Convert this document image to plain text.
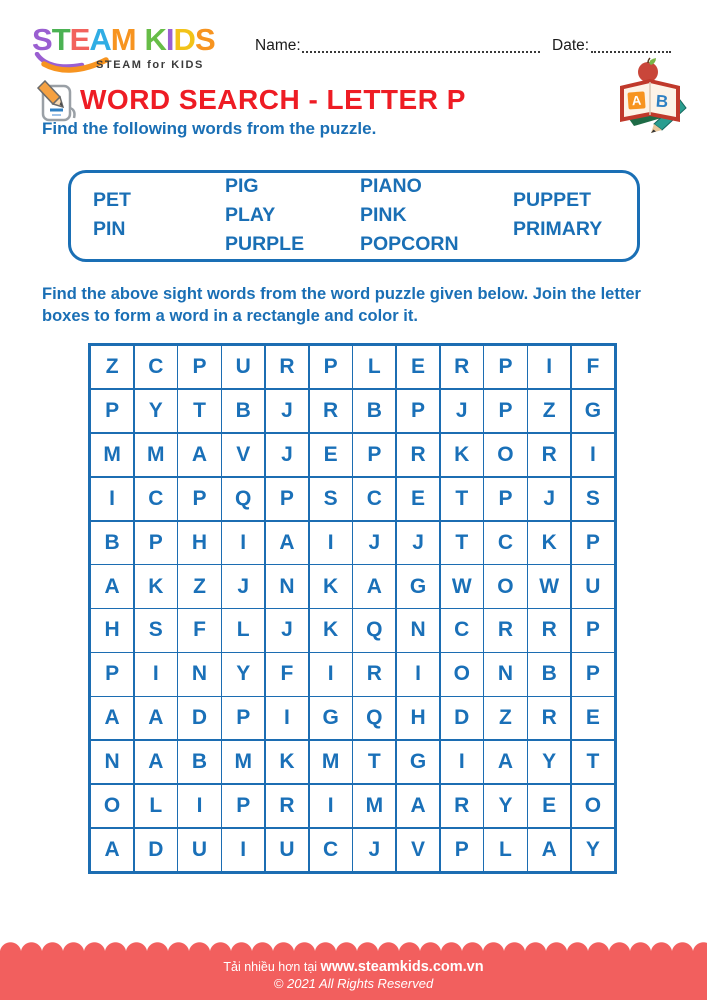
STEAM KIDS
STEAM for KIDS
Name:	Date:
A B
WORD SEARCH - LETTER P
Find the following words from the puzzle.
PET
PIN
PIG
PLAY
PURPLE
PIANO
PINK
POPCORN
PUPPET
PRIMARY
Find the above sight words from the word puzzle given below. Join the letter
boxes to form a word in a rectangle and color it.
Z	C	P	U	R	P	L	E	R	P	I	F
P	Y	T	B	J	R	B	P	J	P	Z	G
M	M	A	V	J	E	P	R	K	O	R	I
I	C	P	Q	P	S	C	E	T	P	J	S
B	P	H	I	A	I	J	J	T	C	K	P
A	K	Z	J	N	K	A	G	W	O	W	U
H	S	F	L	J	K	Q	N	C	R	R	P
P	I	N	Y	F	I	R	I	O	N	B	P
A	A	D	P	I	G	Q	H	D	Z	R	E
N	A	B	M	K	M	T	G	I	A	Y	T
O	L	I	P	R	I	M	A	R	Y	E	O
A	D	U	I	U	C	J	V	P	L	A	Y
Tải nhiều hơn tại www.steamkids.com.vn
© 2021 All Rights Reserved
